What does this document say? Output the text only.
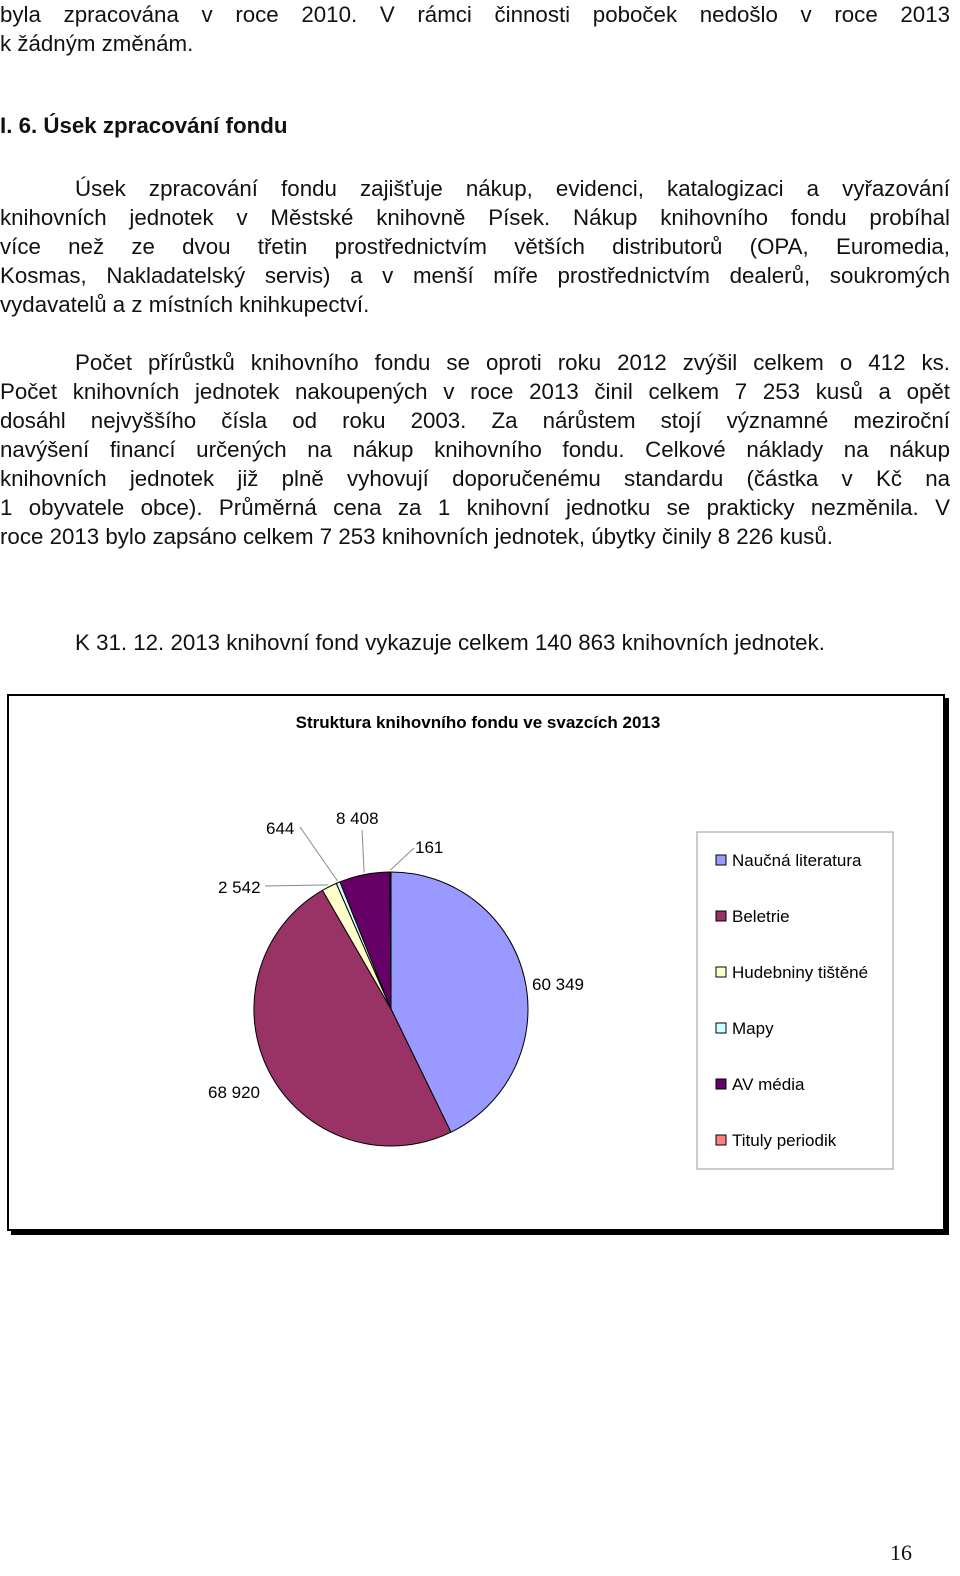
byla zpracována v roce 2010. V rámci činnosti poboček nedošlo v roce 2013
k žádným změnám.
I. 6. Úsek zpracování fondu
Úsek zpracování fondu zajišťuje nákup, evidenci, katalogizaci a vyřazování
knihovních jednotek v Městské knihovně Písek. Nákup knihovního fondu probíhal
více než ze dvou třetin prostřednictvím větších distributorů (OPA, Euromedia,
Kosmas, Nakladatelský servis) a v menší míře prostřednictvím dealerů, soukromých
vydavatelů a z místních knihkupectví.
Počet přírůstků knihovního fondu se oproti roku 2012 zvýšil celkem o 412 ks.
Počet knihovních jednotek nakoupených v roce 2013 činil celkem 7 253 kusů a opět
dosáhl nejvyššího čísla od roku 2003. Za nárůstem stojí významné meziroční
navýšení financí určených na nákup knihovního fondu. Celkové náklady na nákup
knihovních jednotek již plně vyhovují doporučenému standardu (částka v Kč na
1 obyvatele obce). Průměrná cena za 1 knihovní jednotku se prakticky nezměnila. V
roce 2013 bylo zapsáno celkem 7 253 knihovních jednotek, úbytky činily 8 226 kusů.
K 31. 12. 2013 knihovní fond vykazuje celkem 140 863 knihovních jednotek.
Struktura knihovního fondu ve svazcích 2013
60 349
68 920
2 542
644
8 408
161
Naučná literatura
Beletrie
Hudebniny tištěné
Mapy
AV média
Tituly periodik
16
